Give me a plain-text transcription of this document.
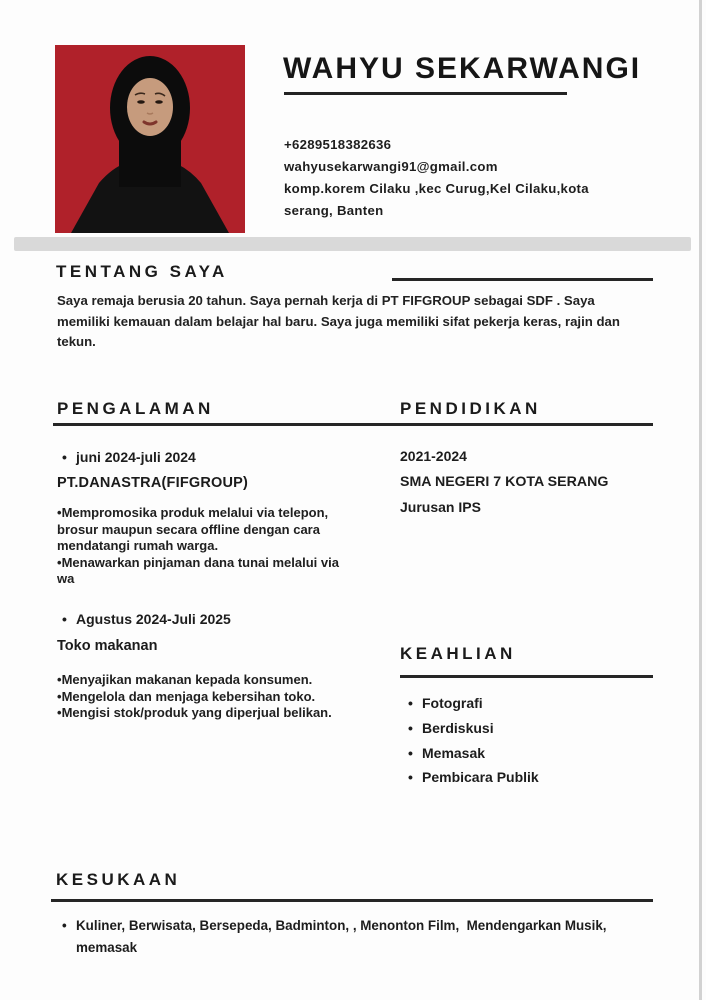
WAHYU SEKARWANGI
+6289518382636
wahyusekarwangi91@gmail.com
komp.korem Cilaku ,kec Curug,Kel Cilaku,kota serang, Banten
TENTANG SAYA
Saya remaja berusia 20 tahun. Saya pernah kerja di PT FIFGROUP sebagai SDF . Saya memiliki kemauan dalam belajar hal baru. Saya juga memiliki sifat pekerja keras, rajin dan tekun.
PENGALAMAN	PENDIDIKAN
• juni 2024-juli 2024
PT.DANASTRA(FIFGROUP)
• Mempromosika produk melalui via telepon, brosur maupun secara offline dengan cara mendatangi rumah warga.
• Menawarkan pinjaman dana tunai melalui via wa
• Agustus 2024-Juli 2025
Toko makanan
• Menyajikan makanan kepada konsumen.
• Mengelola dan menjaga kebersihan toko.
• Mengisi stok/produk yang diperjual belikan.
2021-2024
SMA NEGERI 7 KOTA SERANG
Jurusan IPS
KEAHLIAN
• Fotografi
• Berdiskusi
• Memasak
• Pembicara Publik
KESUKAAN
• Kuliner, Berwisata, Bersepeda, Badminton, , Menonton Film,  Mendengarkan Musik, memasak
